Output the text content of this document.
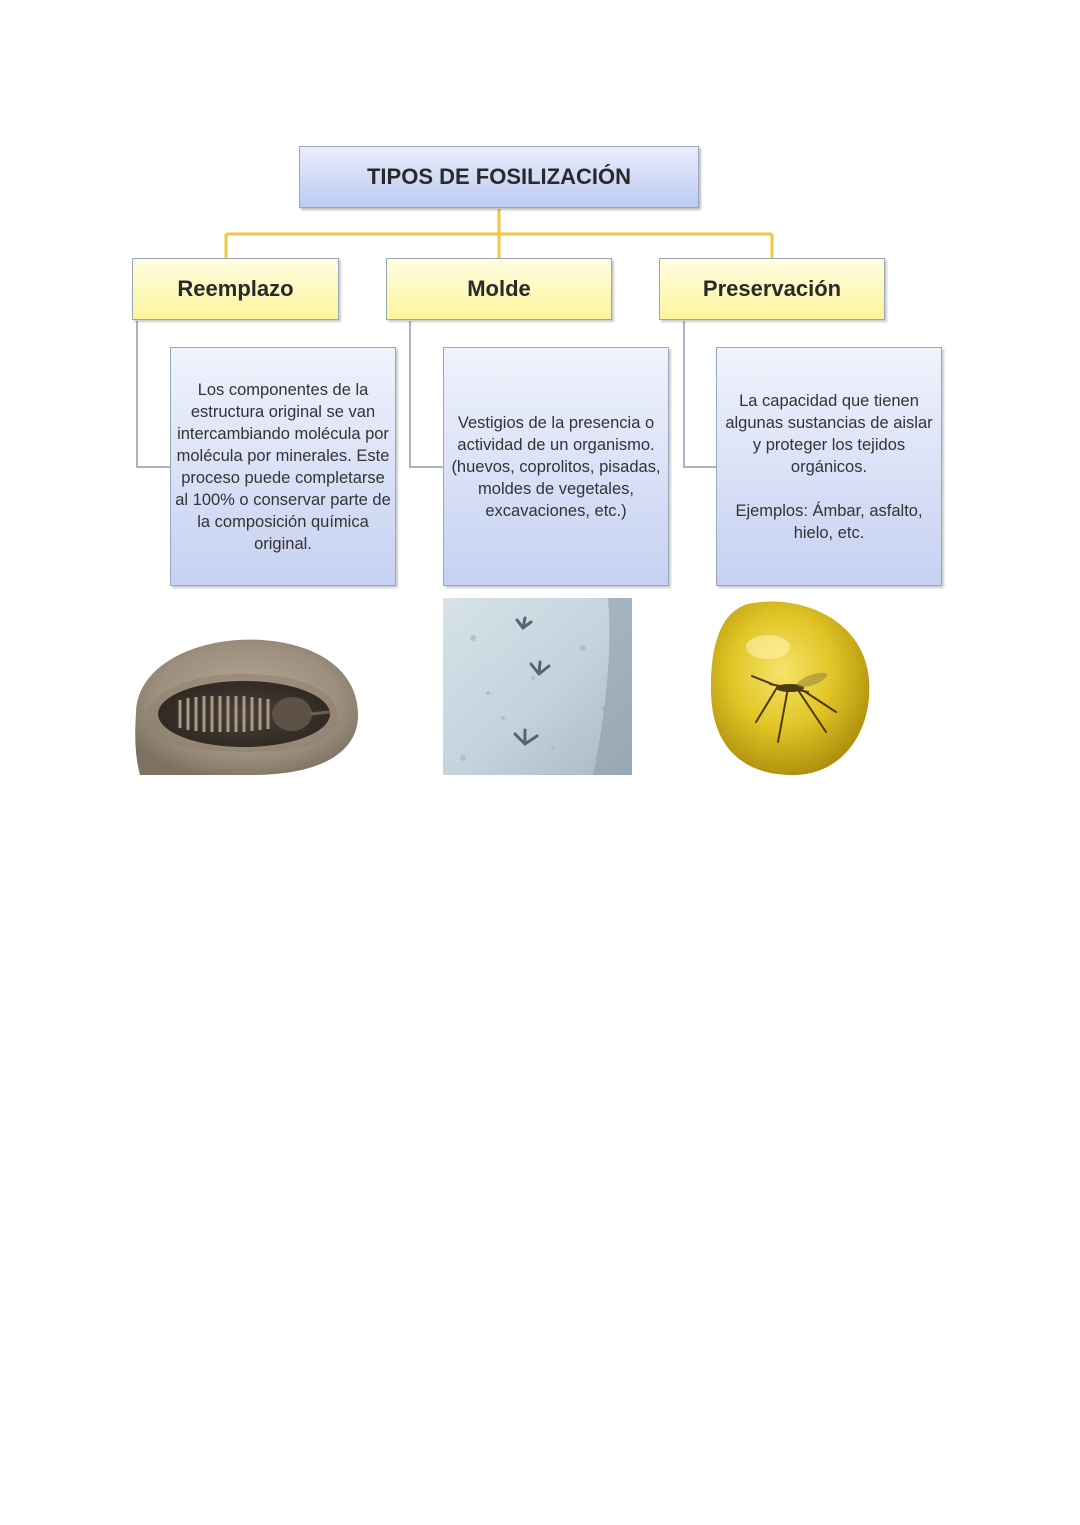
TIPOS DE FOSILIZACIÓN
Reemplazo	Molde	Preservación

Los componentes de la estructura original se van intercambiando molécula por molécula por minerales. Este proceso puede completarse al 100% o conservar parte de la composición química original.

Vestigios de la presencia o actividad de un organismo. (huevos, coprolitos, pisadas, moldes de vegetales, excavaciones, etc.)

La capacidad que tienen algunas sustancias de aislar y proteger los tejidos orgánicos.

Ejemplos: Ámbar, asfalto, hielo, etc.
